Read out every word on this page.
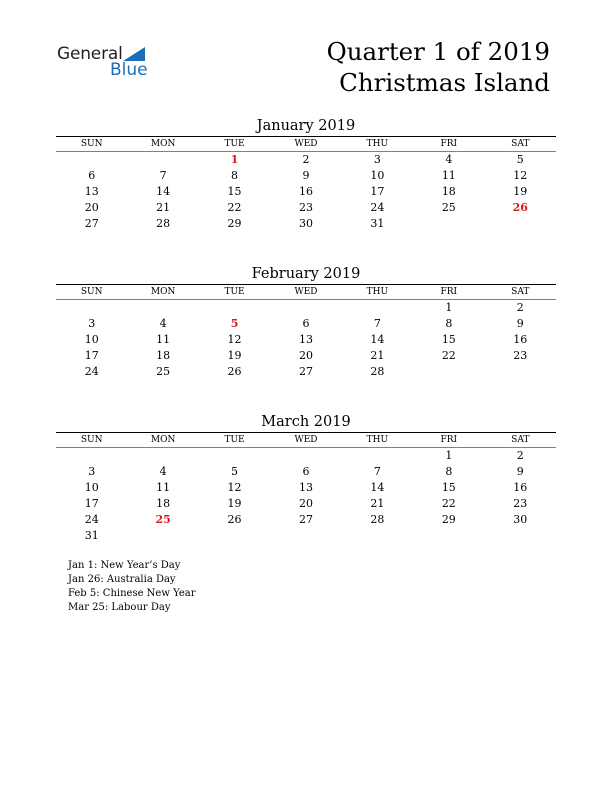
General
Blue
Quarter 1 of 2019
Christmas Island
January 2019
SUN	MON	TUE	WED	THU	FRI	SAT
		1	2	3	4	5
6	7	8	9	10	11	12
13	14	15	16	17	18	19
20	21	22	23	24	25	26
27	28	29	30	31		
February 2019
SUN	MON	TUE	WED	THU	FRI	SAT
					1	2
3	4	5	6	7	8	9
10	11	12	13	14	15	16
17	18	19	20	21	22	23
24	25	26	27	28		
March 2019
SUN	MON	TUE	WED	THU	FRI	SAT
					1	2
3	4	5	6	7	8	9
10	11	12	13	14	15	16
17	18	19	20	21	22	23
24	25	26	27	28	29	30
31						
Jan 1: New Year’s Day
Jan 26: Australia Day
Feb 5: Chinese New Year
Mar 25: Labour Day
